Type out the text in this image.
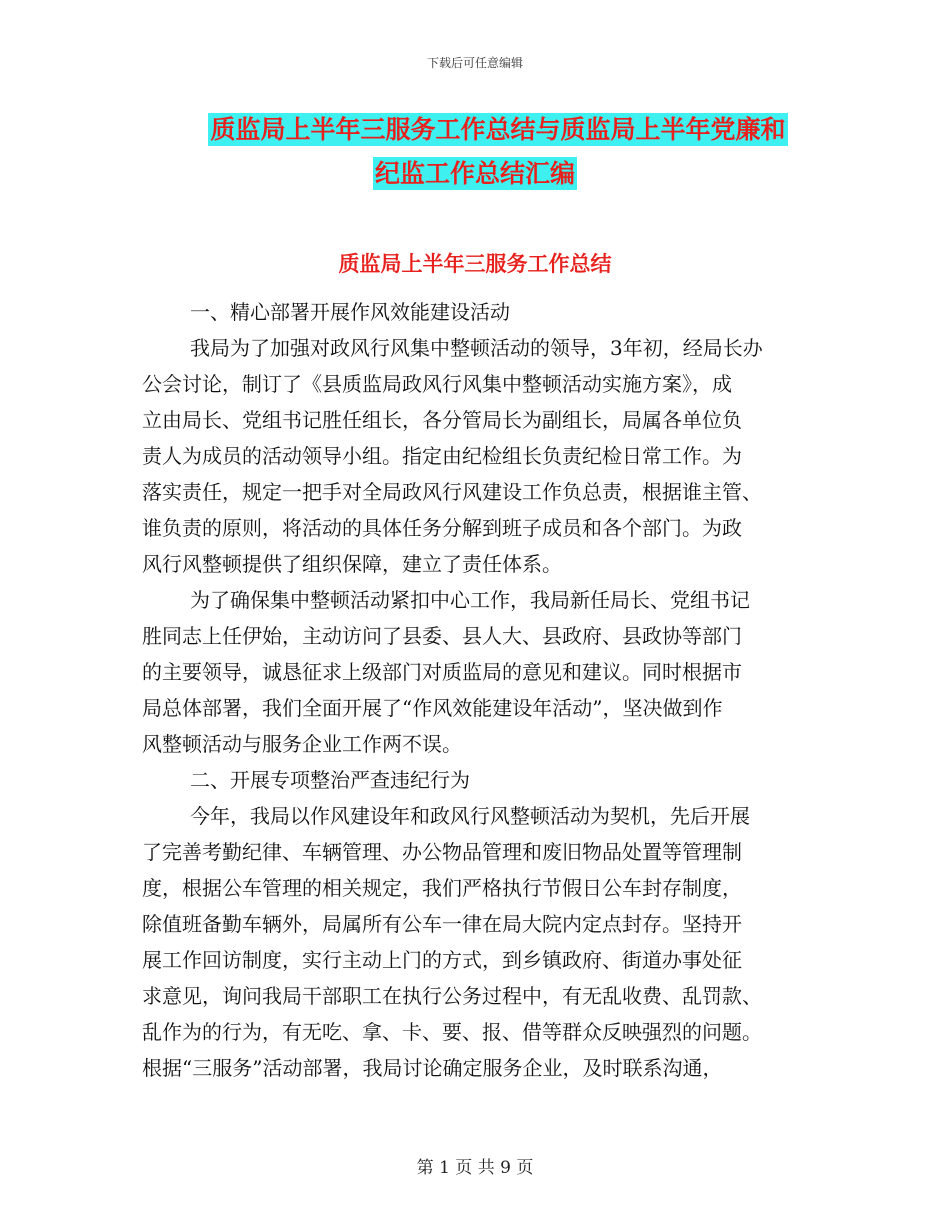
下载后可任意编辑
质监局上半年三服务工作总结与质监局上半年党廉和
纪监工作总结汇编
质监局上半年三服务工作总结
一、精心部署开展作风效能建设活动
我局为了加强对政风行风集中整顿活动的领导，3年初，经局长办
公会讨论，制订了《县质监局政风行风集中整顿活动实施方案》，成
立由局长、党组书记胜任组长，各分管局长为副组长，局属各单位负
责人为成员的活动领导小组。指定由纪检组长负责纪检日常工作。为
落实责任，规定一把手对全局政风行风建设工作负总责，根据谁主管、
谁负责的原则，将活动的具体任务分解到班子成员和各个部门。为政
风行风整顿提供了组织保障，建立了责任体系。
为了确保集中整顿活动紧扣中心工作，我局新任局长、党组书记
胜同志上任伊始，主动访问了县委、县人大、县政府、县政协等部门
的主要领导，诚恳征求上级部门对质监局的意见和建议。同时根据市
局总体部署，我们全面开展了“作风效能建设年活动”，坚决做到作
风整顿活动与服务企业工作两不误。
二、开展专项整治严查违纪行为
今年，我局以作风建设年和政风行风整顿活动为契机，先后开展
了完善考勤纪律、车辆管理、办公物品管理和废旧物品处置等管理制
度，根据公车管理的相关规定，我们严格执行节假日公车封存制度，
除值班备勤车辆外，局属所有公车一律在局大院内定点封存。坚持开
展工作回访制度，实行主动上门的方式，到乡镇政府、街道办事处征
求意见，询问我局干部职工在执行公务过程中，有无乱收费、乱罚款、
乱作为的行为，有无吃、拿、卡、要、报、借等群众反映强烈的问题。
根据“三服务”活动部署，我局讨论确定服务企业，及时联系沟通，
第 1 页 共 9 页
